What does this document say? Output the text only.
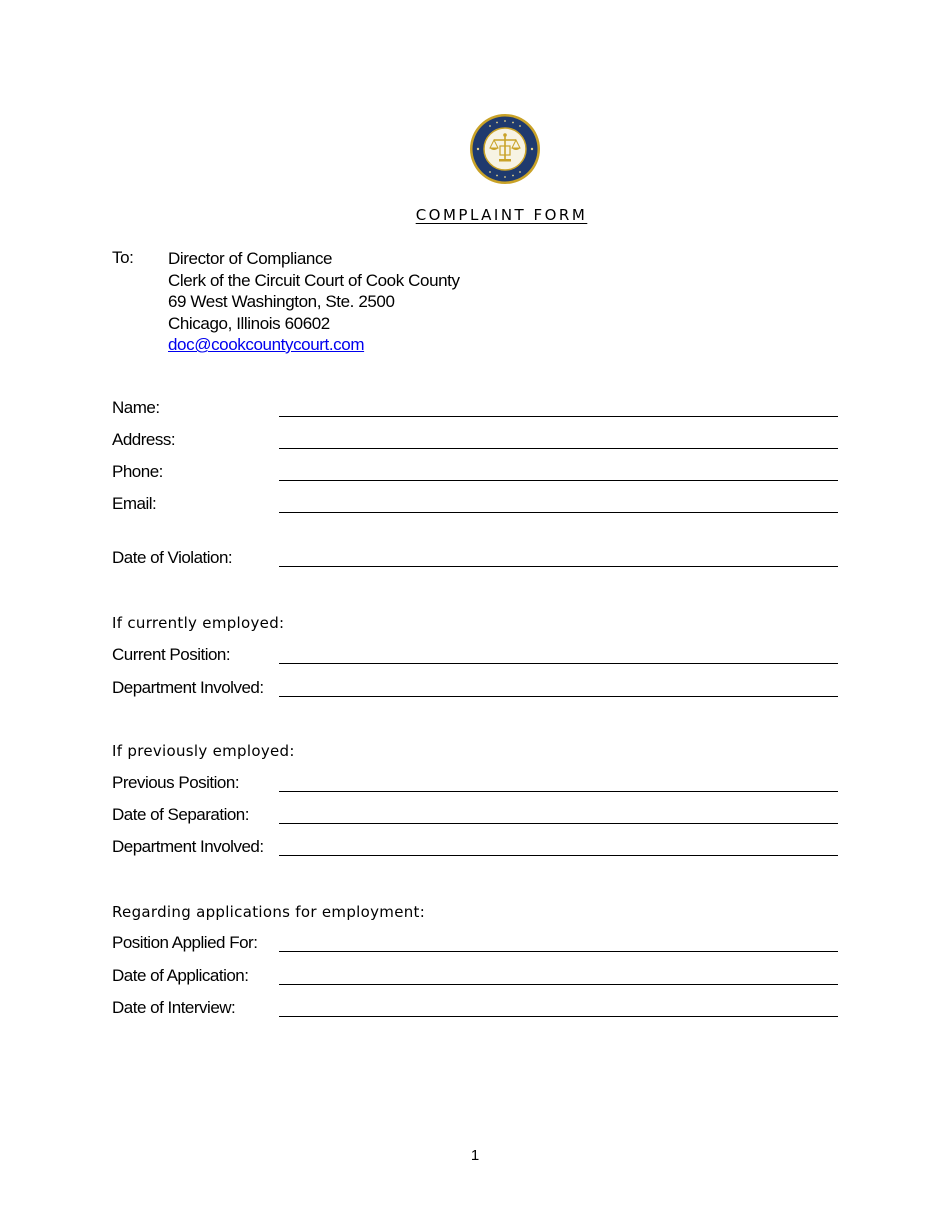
COMPLAINT FORM
To: Director of Compliance
Clerk of the Circuit Court of Cook County
69 West Washington, Ste. 2500
Chicago, Illinois 60602
doc@cookcountycourt.com
Name:
Address:
Phone:
Email:
Date of Violation:
If currently employed:
Current Position:
Department Involved:
If previously employed:
Previous Position:
Date of Separation:
Department Involved:
Regarding applications for employment:
Position Applied For:
Date of Application:
Date of Interview:
1
